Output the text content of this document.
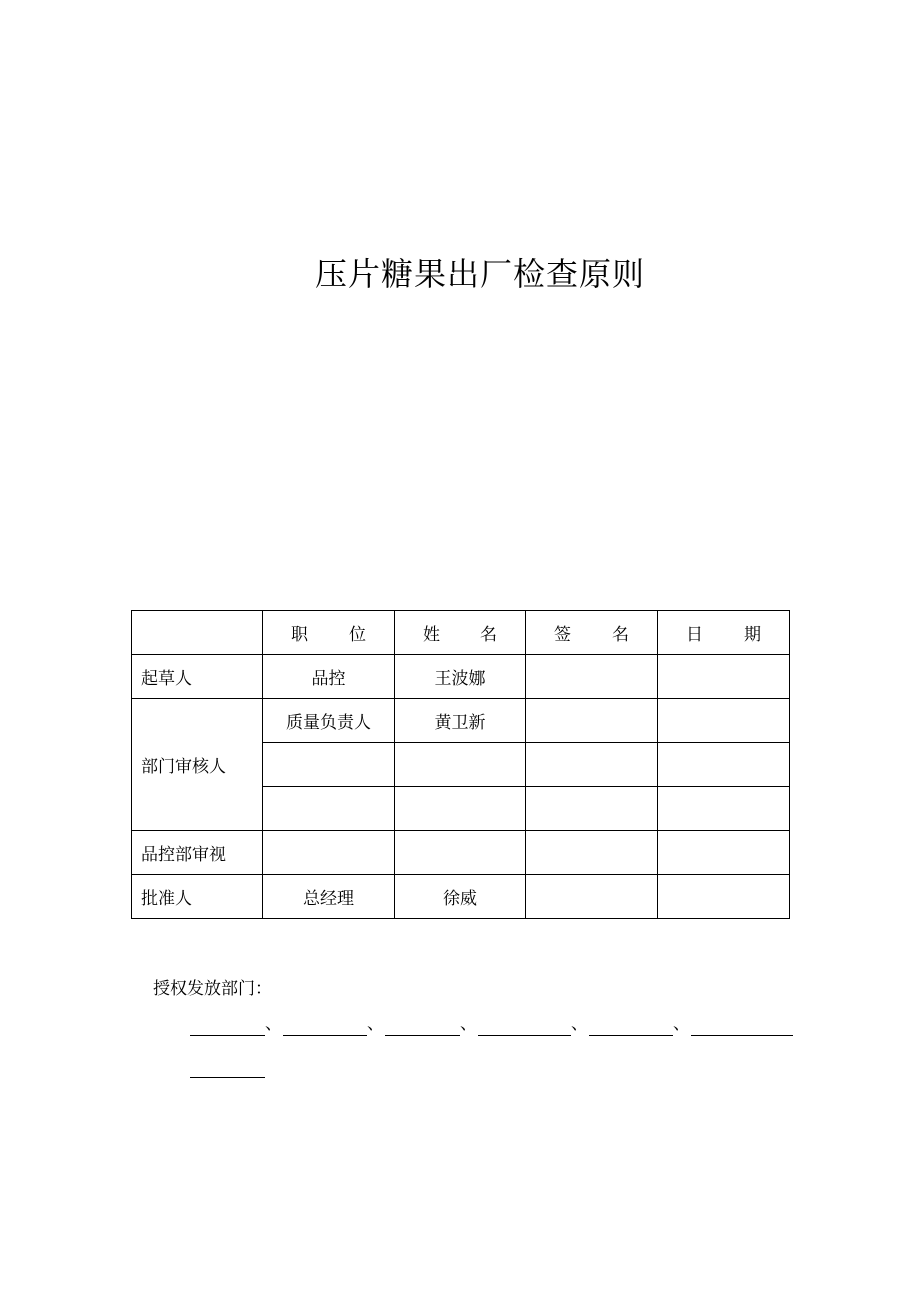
压片糖果出厂检查原则

	职 位	姓 名	签 名	日 期

起草人	品控	王波娜		
部门审核人	质量负责人	黄卫新		

品控部审视				
批准人	总经理	徐威		
授权发放部门：
、	、	、	、	、
